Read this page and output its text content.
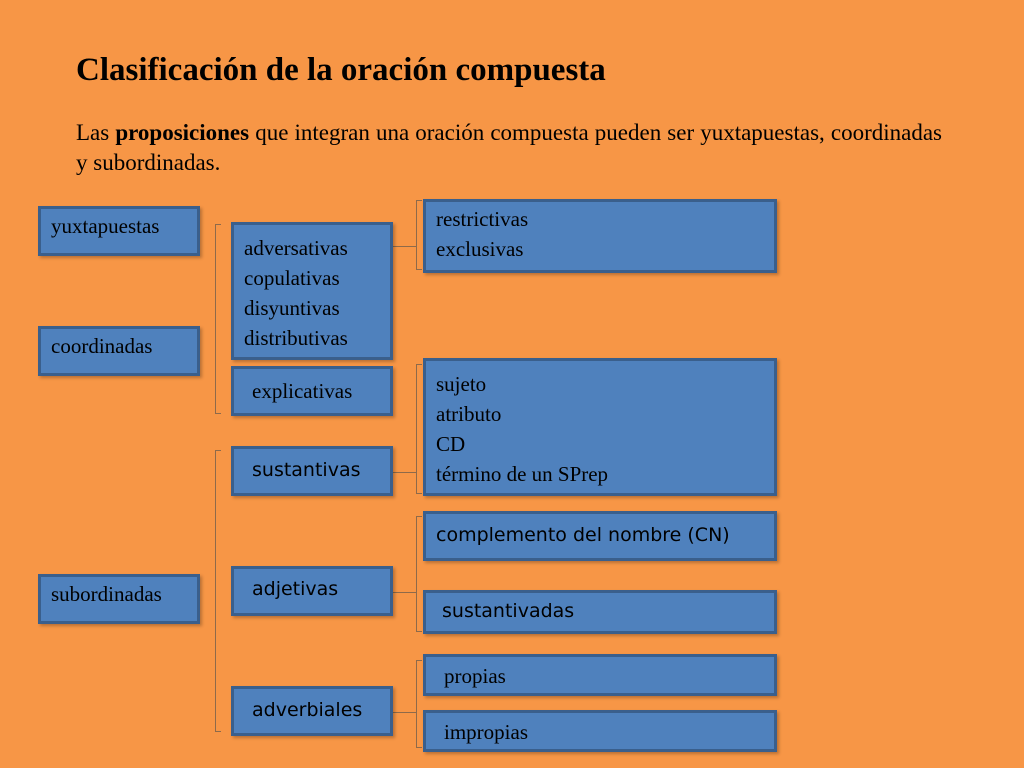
Clasificación de la oración compuesta
Las proposiciones que integran una oración compuesta pueden ser yuxtapuestas, coordinadas y subordinadas.
yuxtapuestas
coordinadas
subordinadas
adversativas
copulativas
disyuntivas
distributivas
explicativas
sustantivas
adjetivas
adverbiales
restrictivas
exclusivas
sujeto
atributo
CD
término de un SPrep
complemento del nombre (CN)
sustantivadas
propias
impropias
